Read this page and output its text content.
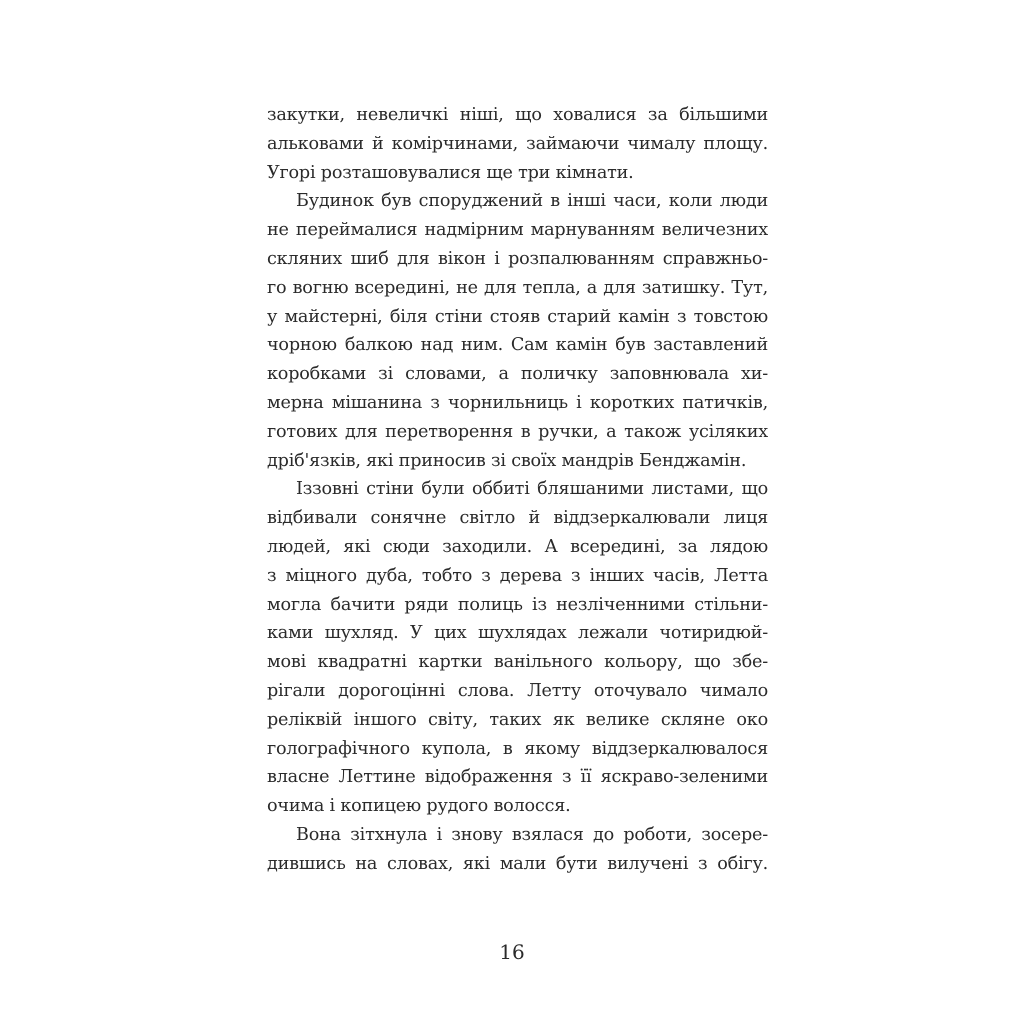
закутки, невеличкі ніші, що ховалися за більшими
альковами й комірчинами, займаючи чималу площу.
Угорі розташовувалися ще три кімнати.
Будинок був споруджений в інші часи, коли люди
не переймалися надмірним марнуванням величезних
скляних шиб для вікон і розпалюванням справжньо-
го вогню всередині, не для тепла, а для затишку. Тут,
у майстерні, біля стіни стояв старий камін з товстою
чорною балкою над ним. Сам камін був заставлений
коробками зі словами, а поличку заповнювала хи-
мерна мішанина з чорнильниць і коротких патичків,
готових для перетворення в ручки, а також усіляких
дріб'язків, які приносив зі своїх мандрів Бенджамін.
Іззовні стіни були оббиті бляшаними листами, що
відбивали сонячне світло й віддзеркалювали лиця
людей, які сюди заходили. А всередині, за лядою
з міцного дуба, тобто з дерева з інших часів, Летта
могла бачити ряди полиць із незліченними стільни-
ками шухляд. У цих шухлядах лежали чотиридюй-
мові квадратні картки ванільного кольору, що збе-
рігали дорогоцінні слова. Летту оточувало чимало
реліквій іншого світу, таких як велике скляне око
голографічного купола, в якому віддзеркалювалося
власне Леттине відображення з її яскраво-зеленими
очима і копицею рудого волосся.
Вона зітхнула і знову взялася до роботи, зосере-
дившись на словах, які мали бути вилучені з обігу.
16
